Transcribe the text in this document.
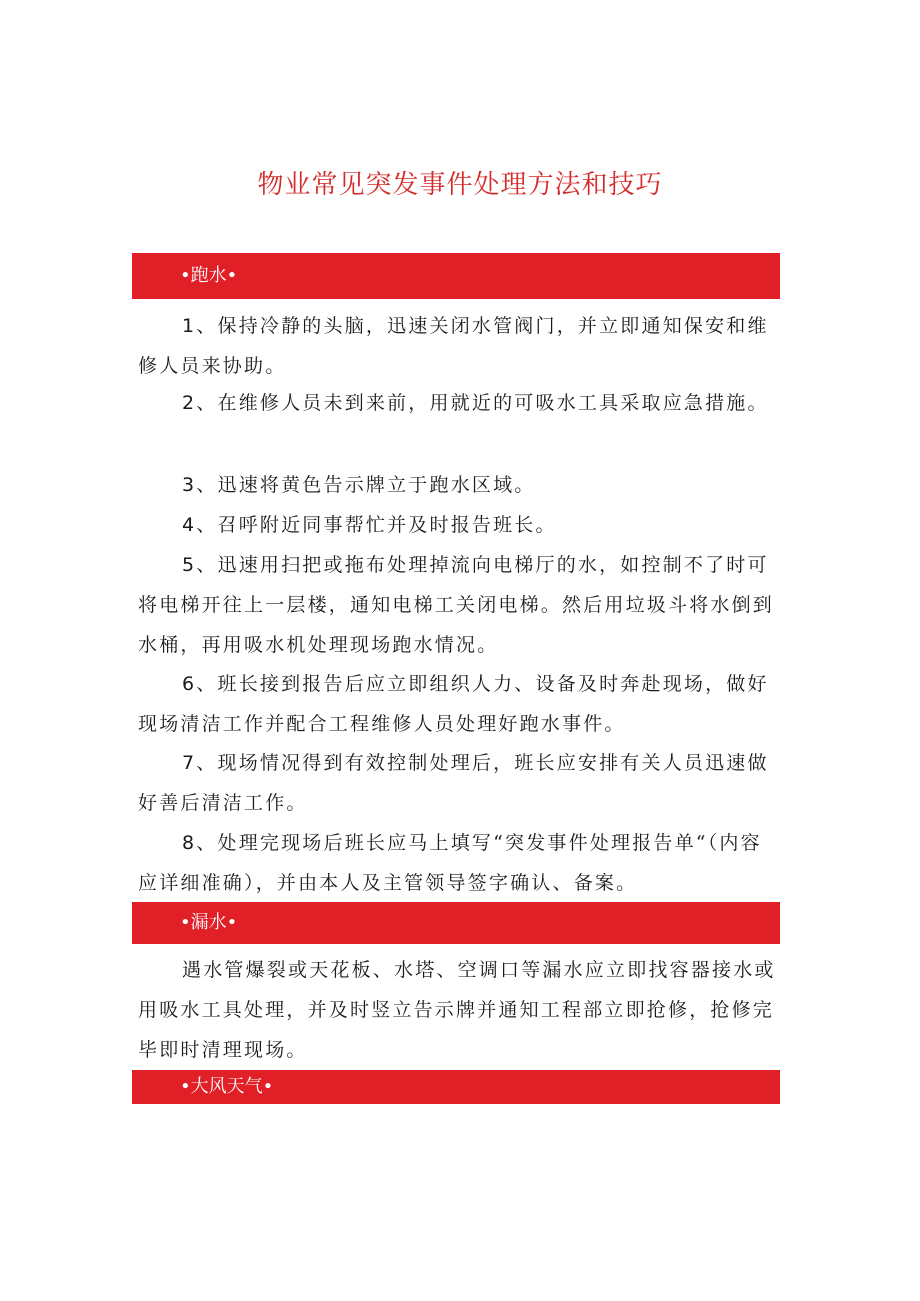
物业常见突发事件处理方法和技巧
•跑水•

1、保持冷静的头脑，迅速关闭水管阀门，并立即通知保安和维修人员来协助。

2、在维修人员未到来前，用就近的可吸水工具采取应急措施。

3、迅速将黄色告示牌立于跑水区域。

4、召呼附近同事帮忙并及时报告班长。

5、迅速用扫把或拖布处理掉流向电梯厅的水，如控制不了时可将电梯开往上一层楼，通知电梯工关闭电梯。然后用垃圾斗将水倒到水桶，再用吸水机处理现场跑水情况。

6、班长接到报告后应立即组织人力、设备及时奔赴现场，做好现场清洁工作并配合工程维修人员处理好跑水事件。

7、现场情况得到有效控制处理后，班长应安排有关人员迅速做好善后清洁工作。

8、处理完现场后班长应马上填写“突发事件处理报告单“（内容应详细准确），并由本人及主管领导签字确认、备案。

•漏水•

遇水管爆裂或天花板、水塔、空调口等漏水应立即找容器接水或用吸水工具处理，并及时竖立告示牌并通知工程部立即抢修，抢修完毕即时清理现场。

•大风天气•
